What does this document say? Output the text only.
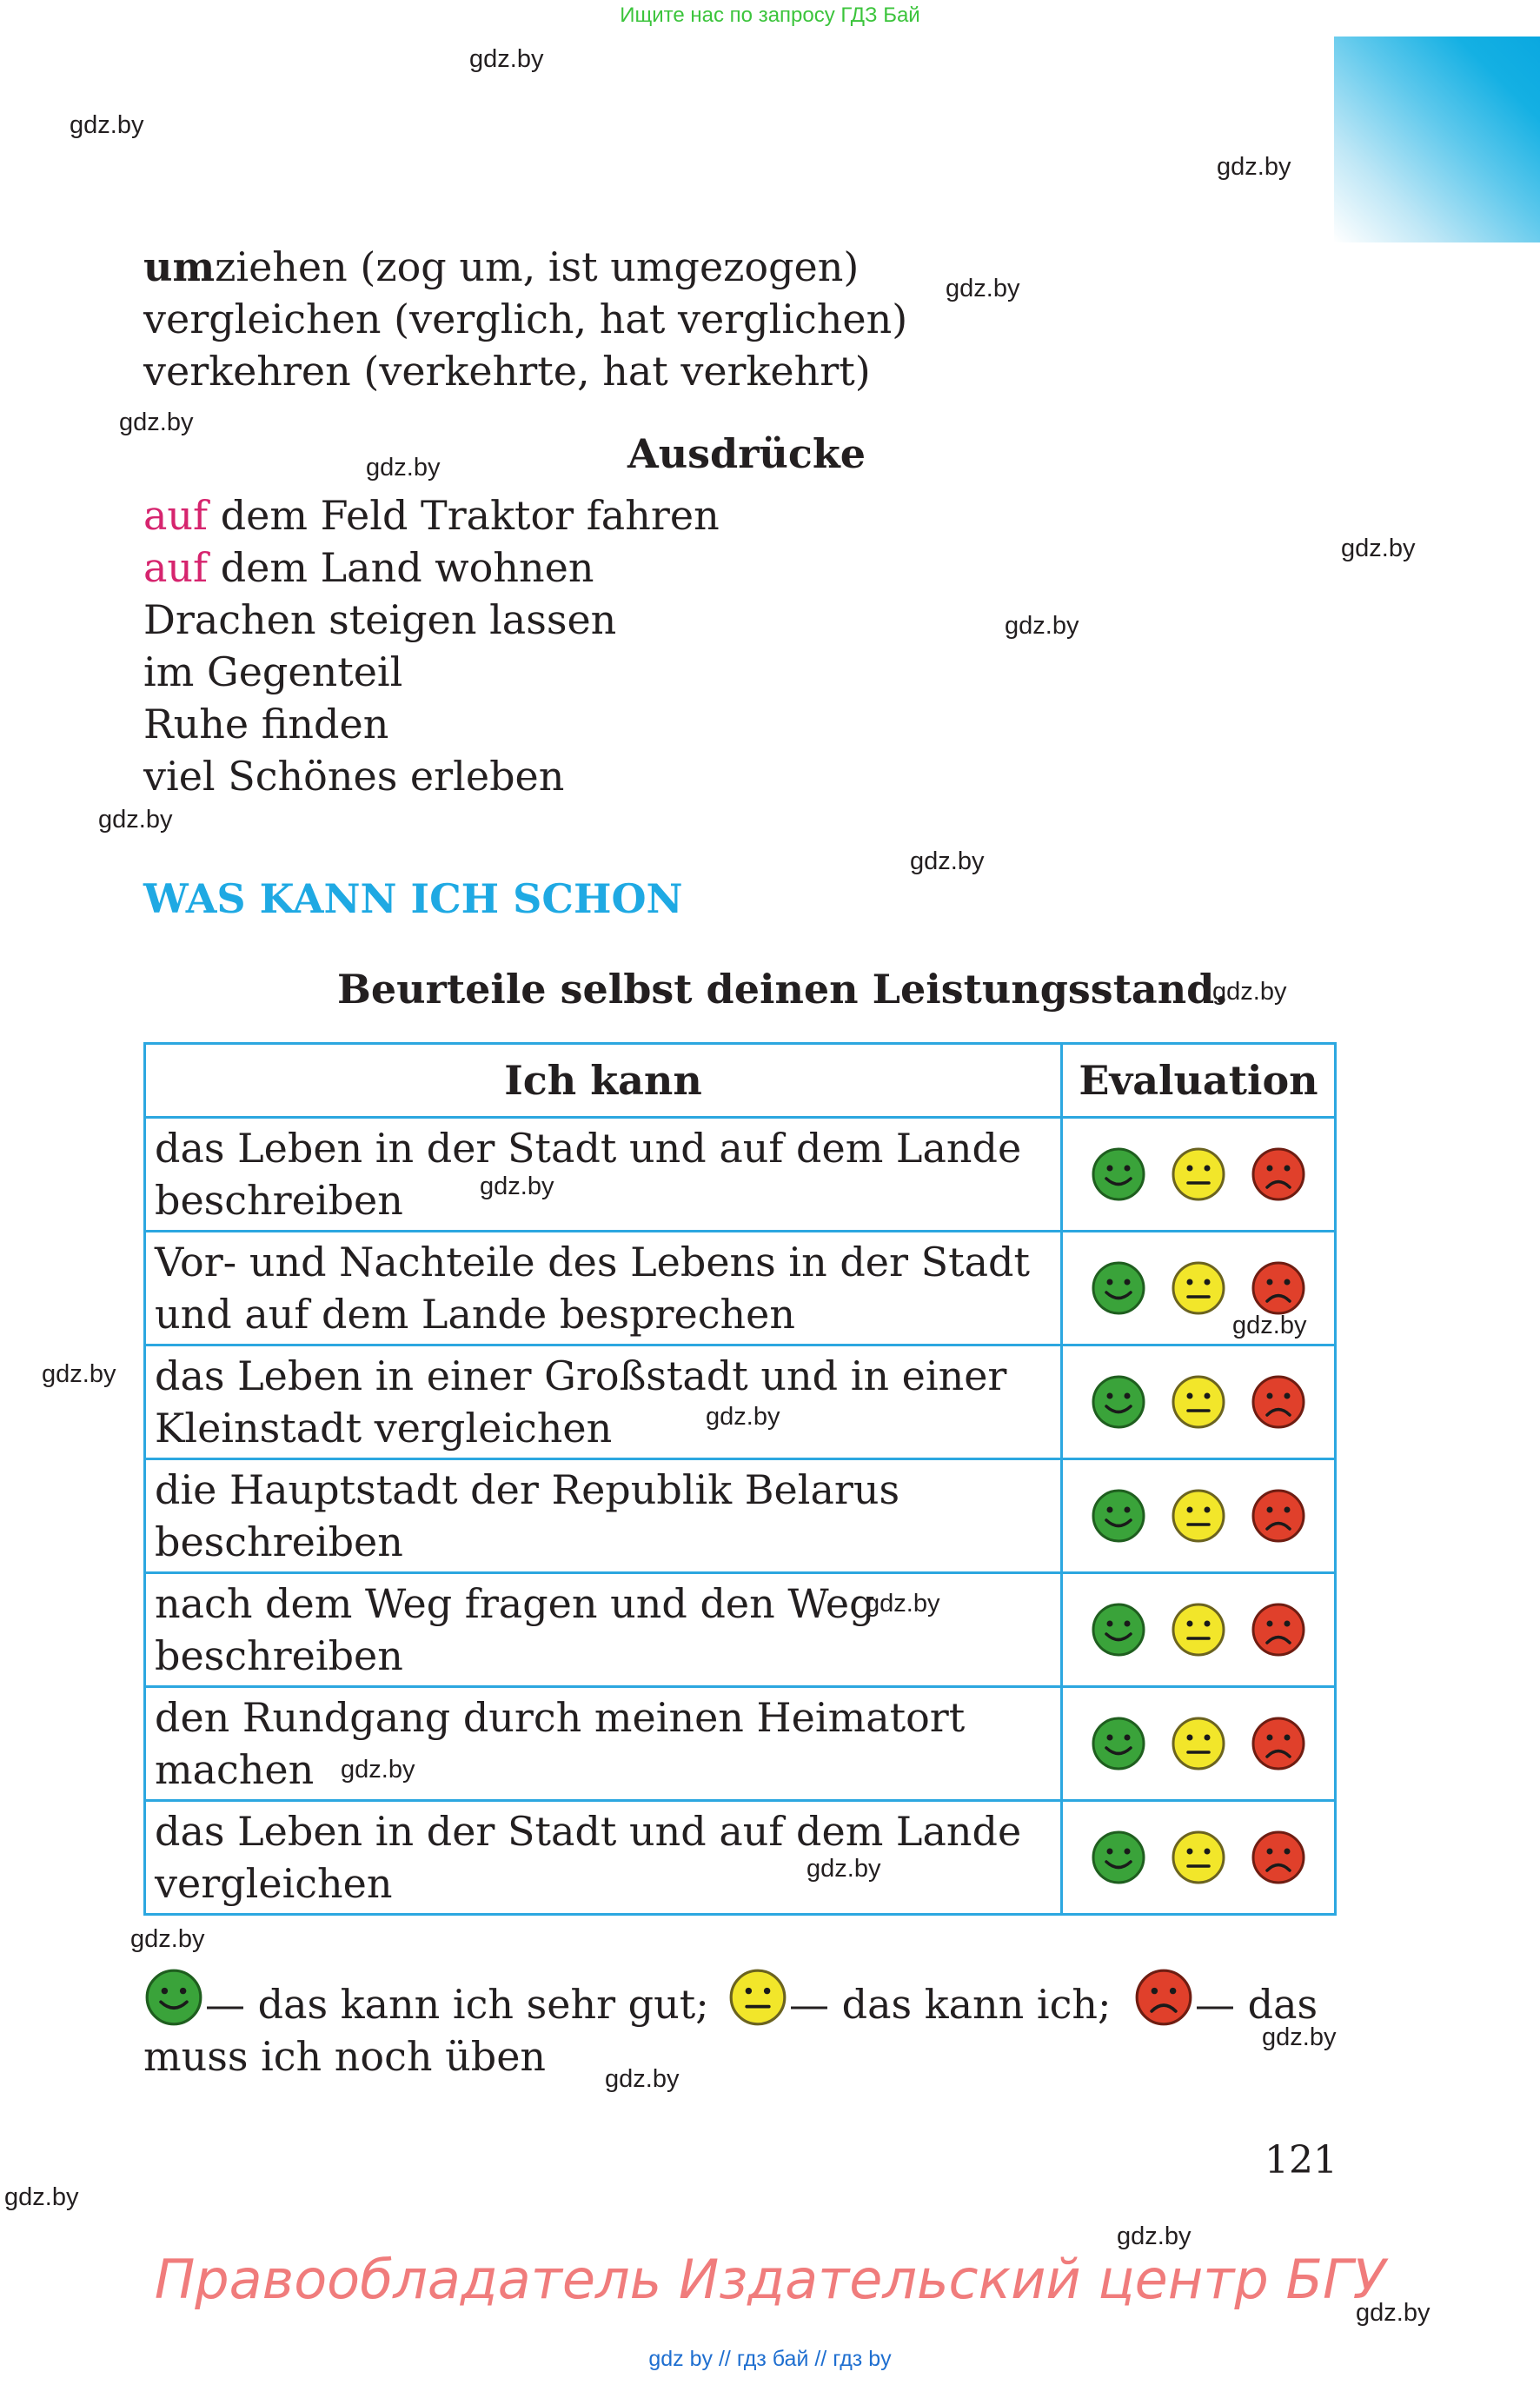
Ищите нас по запросу ГДЗ Бай
umziehen (zog um, ist umgezogen)
vergleichen (verglich, hat verglichen)
verkehren (verkehrte, hat verkehrt)
Ausdrücke
auf dem Feld Traktor fahren
auf dem Land wohnen
Drachen steigen lassen
im Gegenteil
Ruhe finden
viel Schönes erleben
WAS KANN ICH SCHON
Beurteile selbst deinen Leistungsstand.
Ich kann	Evaluation
das Leben in der Stadt und auf dem Lande
beschreiben	

Vor- und Nachteile des Lebens in der Stadt
und auf dem Lande besprechen	

das Leben in einer Großstadt und in einer
Kleinstadt vergleichen	

die Hauptstadt der Republik Belarus
beschreiben	

nach dem Weg fragen und den Weg
beschreiben	

den Rundgang durch meinen Heimatort
machen	

das Leben in der Stadt und auf dem Lande
vergleichen	
— das kann ich sehr gut; — das kann ich; — das
muss ich noch üben
121
Правообладатель Издательский центр БГУ
gdz by // гдз бай // гдз by
gdz.by
gdz.by
gdz.by
gdz.by
gdz.by
gdz.by
gdz.by
gdz.by
gdz.by
gdz.by
gdz.by
gdz.by
gdz.by
gdz.by
gdz.by
gdz.by
gdz.by
gdz.by
gdz.by
gdz.by
gdz.by
gdz.by
gdz.by
gdz.by
